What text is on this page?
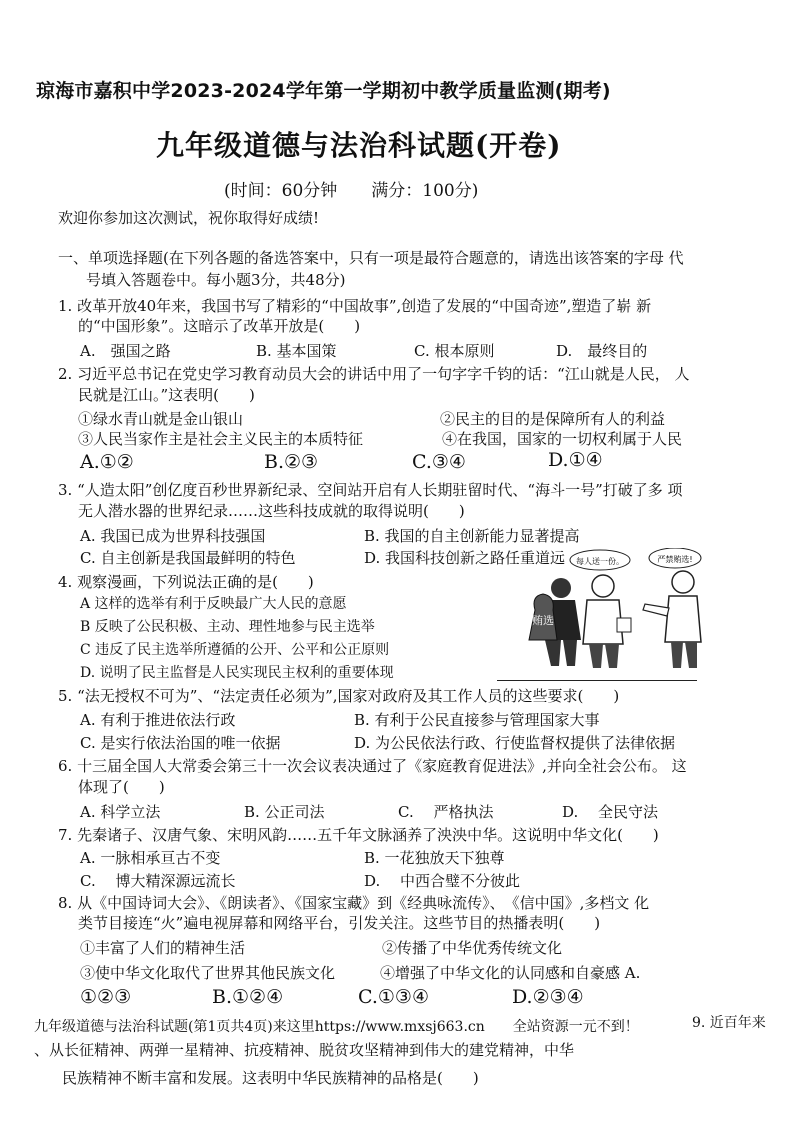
琼海市嘉积中学2023-2024学年第一学期初中教学质量监测(期考)
九年级道德与法治科试题(开卷)
(时间：60分钟　　满分：100分)
欢迎你参加这次测试，祝你取得好成绩!
一、单项选择题(在下列各题的备选答案中，只有一项是最符合题意的，请选出该答案的字母 代
号填入答题卷中。每小题3分，共48分)
1. 改革开放40年来，我国书写了精彩的“中国故事”,创造了发展的“中国奇迹”,塑造了崭 新
的“中国形象”。这暗示了改革开放是(　　)
A.　强国之路	B. 基本国策	C. 根本原则	D.　最终目的
2. 习近平总书记在党史学习教育动员大会的讲话中用了一句字字千钧的话：“江山就是人民， 人
民就是江山。”这表明(　　)
①绿水青山就是金山银山	②民主的目的是保障所有人的利益
③人民当家作主是社会主义民主的本质特征	④在我国，国家的一切权利属于人民
A.①②	B.②③	C.③④	D.①④
3. “人造太阳”创亿度百秒世界新纪录、空间站开启有人长期驻留时代、“海斗一号”打破了多 项
无人潜水器的世界纪录……这些科技成就的取得说明(　　)
A. 我国已成为世界科技强国	B. 我国的自主创新能力显著提高
C. 自主创新是我国最鲜明的特色	D. 我国科技创新之路任重道远
4. 观察漫画，下列说法正确的是(　　)
A 这样的选举有利于反映最广大人民的意愿
B 反映了公民积极、主动、理性地参与民主选举
C 违反了民主选举所遵循的公开、公平和公正原则
D. 说明了民主监督是人民实现民主权利的重要体现
每人送一份。	严禁贿选!
贿选
5. “法无授权不可为”、“法定责任必须为”,国家对政府及其工作人员的这些要求(　　)
A. 有利于推进依法行政	B. 有利于公民直接参与管理国家大事
C. 是实行依法治国的唯一依据	D. 为公民依法行政、行使监督权提供了法律依据
6. 十三届全国人大常委会第三十一次会议表决通过了《家庭教育促进法》,并向全社会公布。 这
体现了(　　)
A. 科学立法	B. 公正司法	C.　 严格执法	D.　 全民守法
7. 先秦诸子、汉唐气象、宋明风韵……五千年文脉涵养了泱泱中华。这说明中华文化(　　)
A. 一脉相承亘古不变	B. 一花独放天下独尊
C.　 博大精深源远流长	D.　 中西合璧不分彼此
8. 从《中国诗词大会》、《朗读者》、《国家宝藏》到《经典咏流传》、　《信中国》,多档文 化
类节目接连“火”遍电视屏幕和网络平台，引发关注。这些节目的热播表明(　　)
①丰富了人们的精神生活	②传播了中华优秀传统文化
③使中华文化取代了世界其他民族文化	④增强了中华文化的认同感和自豪感 A.
①②③	B.①②④	C.①③④	D.②③④
九年级道德与法治科试题(第1页共4页)来这里https://www.mxsj663.cn　　全站资源一元不到！	9. 近百年来
、从长征精神、两弹一星精神、抗疫精神、脱贫攻坚精神到伟大的建党精神，中华
民族精神不断丰富和发展。这表明中华民族精神的品格是(　　)
